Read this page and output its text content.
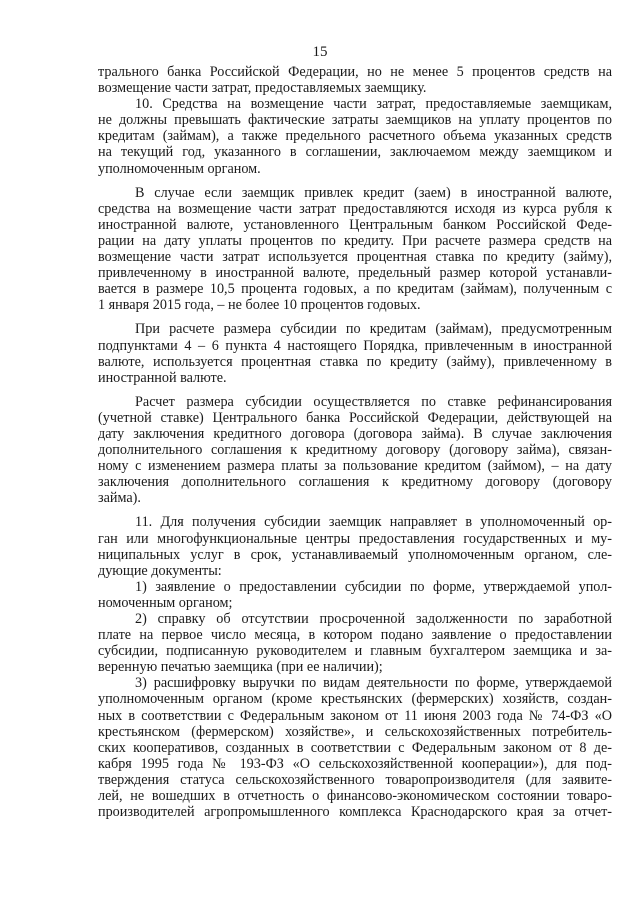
15
трального банка Российской Федерации, но не менее 5 процентов средств на
возмещение части затрат, предоставляемых заемщику.
10. Средства на возмещение части затрат, предоставляемые заемщикам,
не должны превышать фактические затраты заемщиков на уплату процентов по
кредитам (займам), а также предельного расчетного объема указанных средств
на текущий год, указанного в соглашении, заключаемом между заемщиком и
уполномоченным органом.
В случае если заемщик привлек кредит (заем) в иностранной валюте,
средства на возмещение части затрат предоставляются исходя из курса рубля к
иностранной валюте, установленного Центральным банком Российской Феде-
рации на дату уплаты процентов по кредиту. При расчете размера средств на
возмещение части затрат используется процентная ставка по кредиту (займу),
привлеченному в иностранной валюте, предельный размер которой устанавли-
вается в размере 10,5 процента годовых, а по кредитам (займам), полученным с
1 января 2015 года, – не более 10 процентов годовых.
При расчете размера субсидии по кредитам (займам), предусмотренным
подпунктами 4 – 6 пункта 4 настоящего Порядка, привлеченным в иностранной
валюте, используется процентная ставка по кредиту (займу), привлеченному в
иностранной валюте.
Расчет размера субсидии осуществляется по ставке рефинансирования
(учетной ставке) Центрального банка Российской Федерации, действующей на
дату заключения кредитного договора (договора займа). В случае заключения
дополнительного соглашения к кредитному договору (договору займа), связан-
ному с изменением размера платы за пользование кредитом (займом), – на дату
заключения дополнительного соглашения к кредитному договору (договору
займа).
11. Для получения субсидии заемщик направляет в уполномоченный ор-
ган или многофункциональные центры предоставления государственных и му-
ниципальных услуг в срок, устанавливаемый уполномоченным органом, сле-
дующие документы:
1) заявление о предоставлении субсидии по форме, утверждаемой упол-
номоченным органом;
2) справку об отсутствии просроченной задолженности по заработной
плате на первое число месяца, в котором подано заявление о предоставлении
субсидии, подписанную руководителем и главным бухгалтером заемщика и за-
веренную печатью заемщика (при ее наличии);
3) расшифровку выручки по видам деятельности по форме, утверждаемой
уполномоченным органом (кроме крестьянских (фермерских) хозяйств, создан-
ных в соответствии с Федеральным законом от 11 июня 2003 года № 74-ФЗ «О
крестьянском (фермерском) хозяйстве», и сельскохозяйственных потребитель-
ских кооперативов, созданных в соответствии с Федеральным законом от 8 де-
кабря 1995 года № 193-ФЗ «О сельскохозяйственной кооперации»), для под-
тверждения статуса сельскохозяйственного товаропроизводителя (для заявите-
лей, не вошедших в отчетность о финансово-экономическом состоянии товаро-
производителей агропромышленного комплекса Краснодарского края за отчет-
